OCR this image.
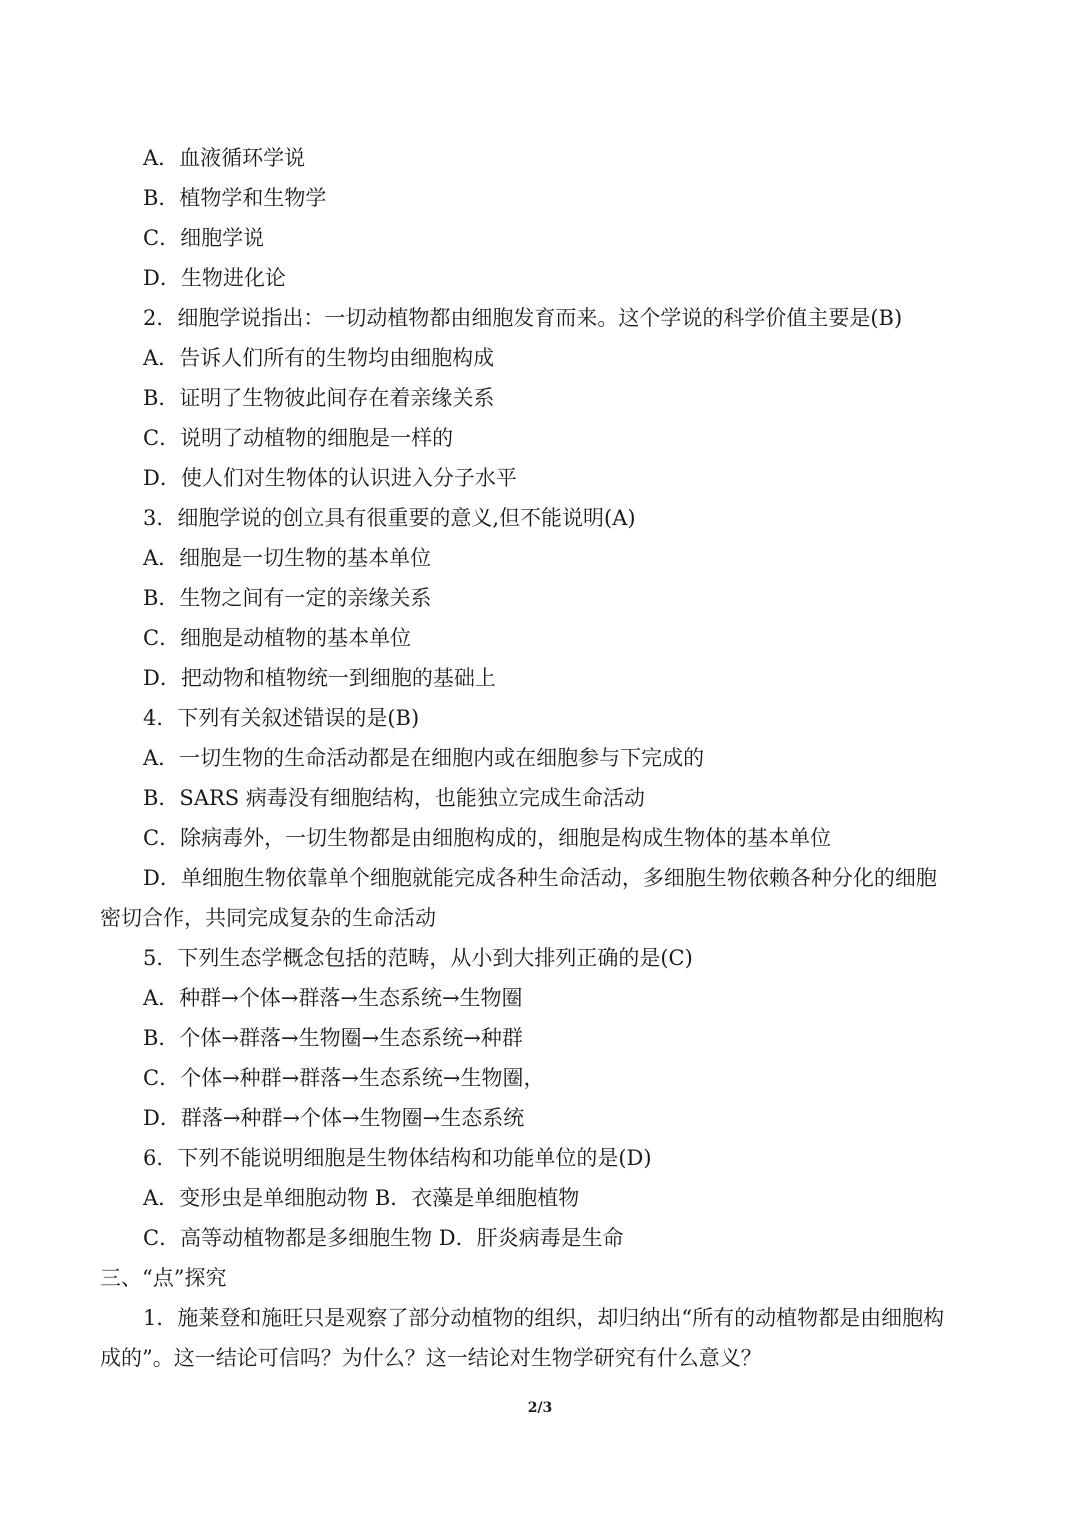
A．血液循环学说
B．植物学和生物学
C．细胞学说
D．生物进化论
2．细胞学说指出：一切动植物都由细胞发育而来。这个学说的科学价值主要是(B)
A．告诉人们所有的生物均由细胞构成
B．证明了生物彼此间存在着亲缘关系
C．说明了动植物的细胞是一样的
D．使人们对生物体的认识进入分子水平
3．细胞学说的创立具有很重要的意义,但不能说明(A)
A．细胞是一切生物的基本单位
B．生物之间有一定的亲缘关系
C．细胞是动植物的基本单位
D．把动物和植物统一到细胞的基础上
4．下列有关叙述错误的是(B)
A．一切生物的生命活动都是在细胞内或在细胞参与下完成的
B．SARS 病毒没有细胞结构，也能独立完成生命活动
C．除病毒外，一切生物都是由细胞构成的，细胞是构成生物体的基本单位
D．单细胞生物依靠单个细胞就能完成各种生命活动，多细胞生物依赖各种分化的细胞
密切合作，共同完成复杂的生命活动
5．下列生态学概念包括的范畴，从小到大排列正确的是(C)
A．种群→个体→群落→生态系统→生物圈
B．个体→群落→生物圈→生态系统→种群
C．个体→种群→群落→生态系统→生物圈，
D．群落→种群→个体→生物圈→生态系统
6．下列不能说明细胞是生物体结构和功能单位的是(D)
A．变形虫是单细胞动物 B．衣藻是单细胞植物
C．高等动植物都是多细胞生物 D．肝炎病毒是生命
三、“点”探究
1．施莱登和施旺只是观察了部分动植物的组织，却归纳出“所有的动植物都是由细胞构
成的”。这一结论可信吗？为什么？这一结论对生物学研究有什么意义？
2/3
